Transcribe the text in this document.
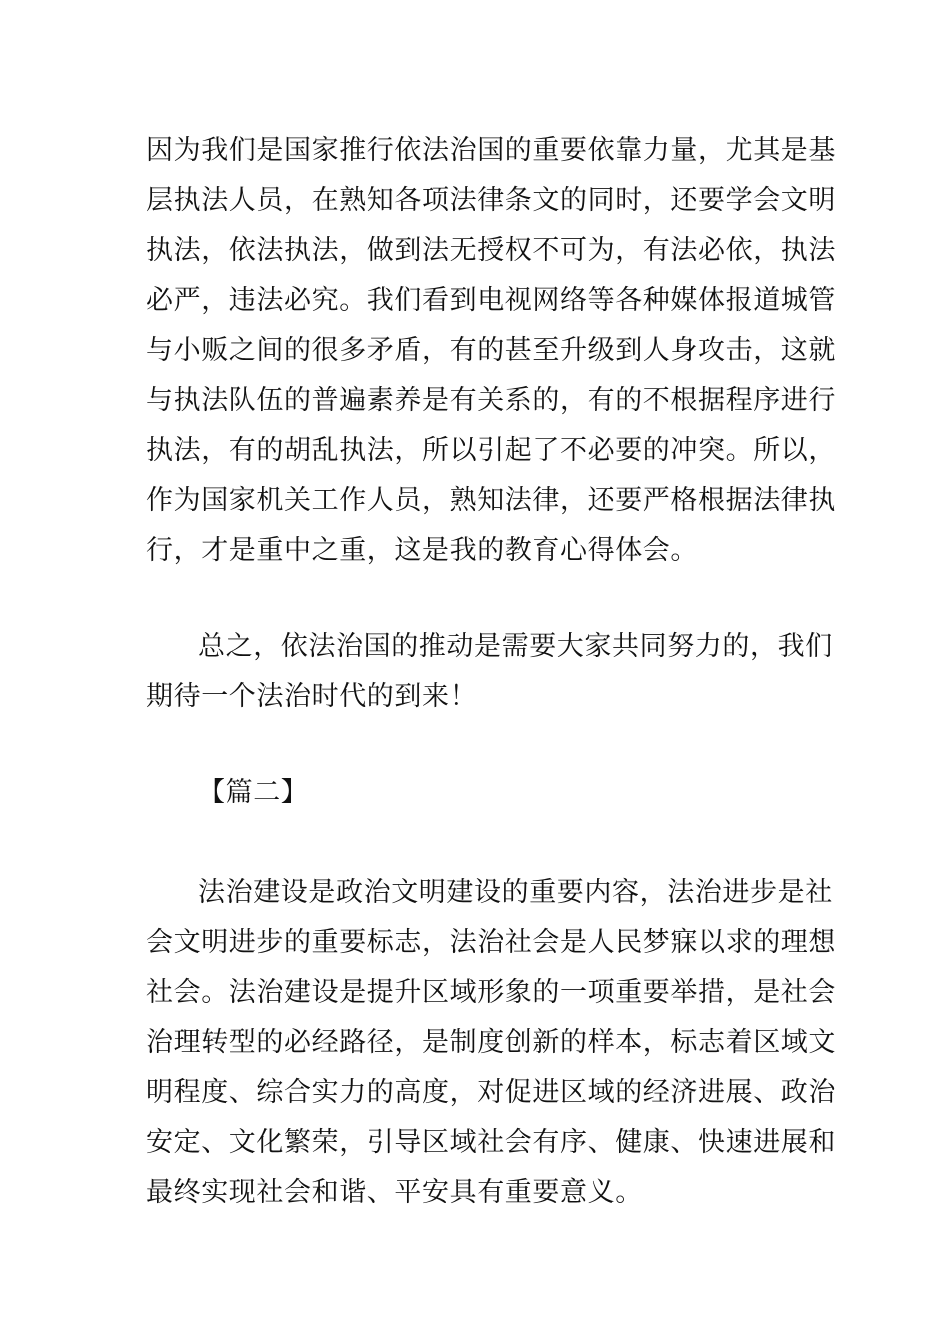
因为我们是国家推行依法治国的重要依靠力量，尤其是基
层执法人员，在熟知各项法律条文的同时，还要学会文明
执法，依法执法，做到法无授权不可为，有法必依，执法
必严，违法必究。我们看到电视网络等各种媒体报道城管
与小贩之间的很多矛盾，有的甚至升级到人身攻击，这就
与执法队伍的普遍素养是有关系的，有的不根据程序进行
执法，有的胡乱执法，所以引起了不必要的冲突。所以，
作为国家机关工作人员，熟知法律，还要严格根据法律执
行，才是重中之重，这是我的教育心得体会。
总之，依法治国的推动是需要大家共同努力的，我们
期待一个法治时代的到来！
【篇二】
法治建设是政治文明建设的重要内容，法治进步是社
会文明进步的重要标志，法治社会是人民梦寐以求的理想
社会。法治建设是提升区域形象的一项重要举措，是社会
治理转型的必经路径，是制度创新的样本，标志着区域文
明程度、综合实力的高度，对促进区域的经济进展、政治
安定、文化繁荣，引导区域社会有序、健康、快速进展和
最终实现社会和谐、平安具有重要意义。
